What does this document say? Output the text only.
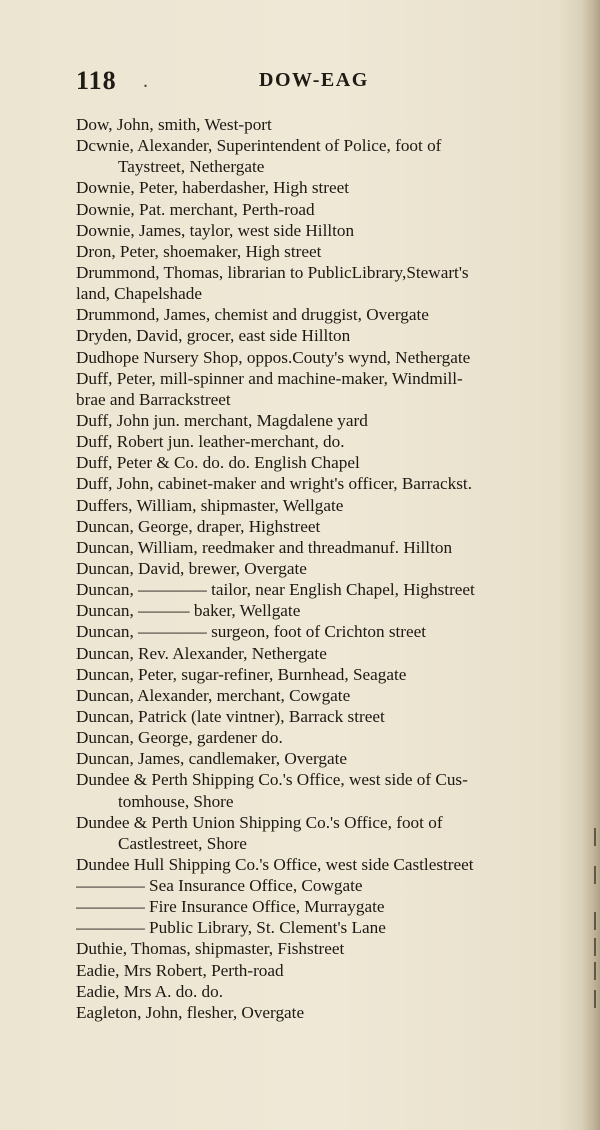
118 .	DOW-EAG
Dow, John, smith, West-port
Dcwnie, Alexander, Superintendent of Police, foot of
Taystreet, Nethergate
Downie, Peter, haberdasher, High street
Downie, Pat. merchant, Perth-road
Downie, James, taylor, west side Hillton
Dron, Peter, shoemaker, High street
Drummond, Thomas, librarian to PublicLibrary,Stewart's
land, Chapelshade
Drummond, James, chemist and druggist, Overgate
Dryden, David, grocer, east side Hillton
Dudhope Nursery Shop, oppos.Couty's wynd, Nethergate
Duff, Peter, mill-spinner and machine-maker, Windmill-
brae and Barrackstreet
Duff, John jun. merchant, Magdalene yard
Duff, Robert jun. leather-merchant, do.
Duff, Peter & Co. do. do. English Chapel
Duff, John, cabinet-maker and wright's officer, Barrackst.
Duffers, William, shipmaster, Wellgate
Duncan, George, draper, Highstreet
Duncan, William, reedmaker and threadmanuf. Hillton
Duncan, David, brewer, Overgate
Duncan, ———— tailor, near English Chapel, Highstreet
Duncan, ——— baker, Wellgate
Duncan, ———— surgeon, foot of Crichton street
Duncan, Rev. Alexander, Nethergate
Duncan, Peter, sugar-refiner, Burnhead, Seagate
Duncan, Alexander, merchant, Cowgate
Duncan, Patrick (late vintner), Barrack street
Duncan, George, gardener do.
Duncan, James, candlemaker, Overgate
Dundee & Perth Shipping Co.'s Office, west side of Cus-
tomhouse, Shore
Dundee & Perth Union Shipping Co.'s Office, foot of
Castlestreet, Shore
Dundee Hull Shipping Co.'s Office, west side Castlestreet
———— Sea Insurance Office, Cowgate
———— Fire Insurance Office, Murraygate
———— Public Library, St. Clement's Lane
Duthie, Thomas, shipmaster, Fishstreet
Eadie, Mrs Robert, Perth-road
Eadie, Mrs A. do. do.
Eagleton, John, flesher, Overgate
